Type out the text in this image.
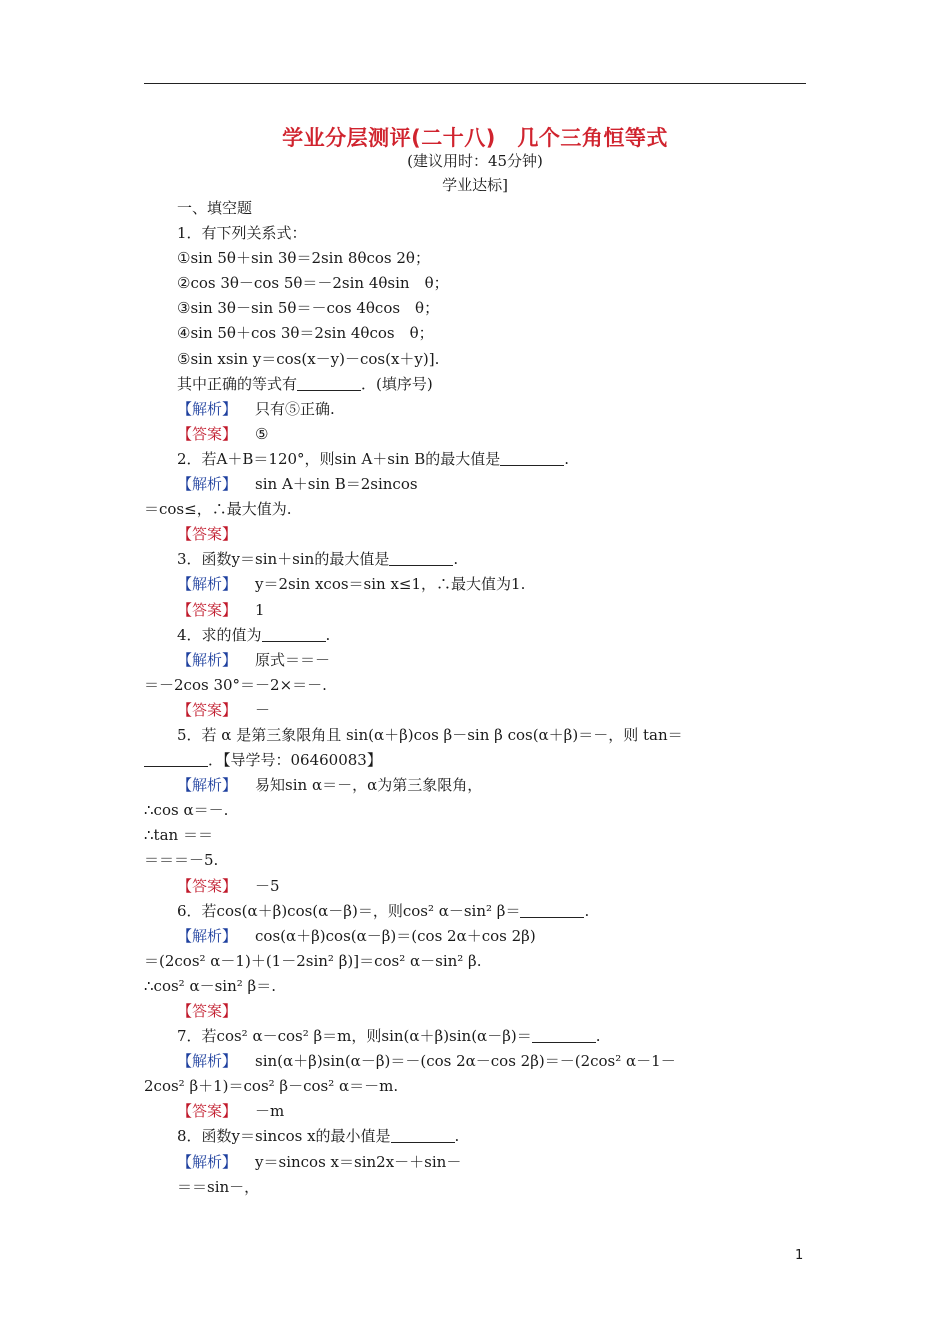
学业分层测评(二十八)　几个三角恒等式
(建议用时：45分钟)
学业达标]
一、填空题
1．有下列关系式：
①sin 5θ＋sin 3θ＝2sin 8θcos 2θ；
②cos 3θ－cos 5θ＝－2sin 4θsin　θ；
③sin 3θ－sin 5θ＝－cos 4θcos　θ；
④sin 5θ＋cos 3θ＝2sin 4θcos　θ；
⑤sin xsin y＝cos(x－y)－cos(x＋y)].
其中正确的等式有	．(填序号)
【解析】 只有⑤正确.
【答案】 ⑤
2．若A＋B＝120°，则sin A＋sin B的最大值是	.
【解析】 sin A＋sin B＝2sincos
＝cos≤，∴最大值为.
【答案】
3．函数y＝sin＋sin的最大值是	.
【解析】 y＝2sin xcos＝sin x≤1，∴最大值为1.
【答案】 1
4．求的值为	.
【解析】 原式＝＝－
＝－2cos 30°＝－2×＝－.
【答案】 －
5．若 α 是第三象限角且 sin(α＋β)cos β－sin β cos(α＋β)＝－，则 tan＝
．【导学号：06460083】
【解析】 易知sin α＝－，α为第三象限角，
∴cos α＝－.
∴tan ＝＝
＝＝＝－5.
【答案】 －5
6．若cos(α＋β)cos(α－β)＝，则cos² α－sin² β＝	.
【解析】 cos(α＋β)cos(α－β)＝(cos 2α＋cos 2β)
＝(2cos² α－1)＋(1－2sin² β)]＝cos² α－sin² β.
∴cos² α－sin² β＝.
【答案】
7．若cos² α－cos² β＝m，则sin(α＋β)sin(α－β)＝	.
【解析】 sin(α＋β)sin(α－β)＝－(cos 2α－cos 2β)＝－(2cos² α－1－
2cos² β＋1)＝cos² β－cos² α＝－m.
【答案】 －m
8．函数y＝sincos x的最小值是	.
【解析】 y＝sincos x＝sin2x－＋sin－
＝＝sin－，
1
